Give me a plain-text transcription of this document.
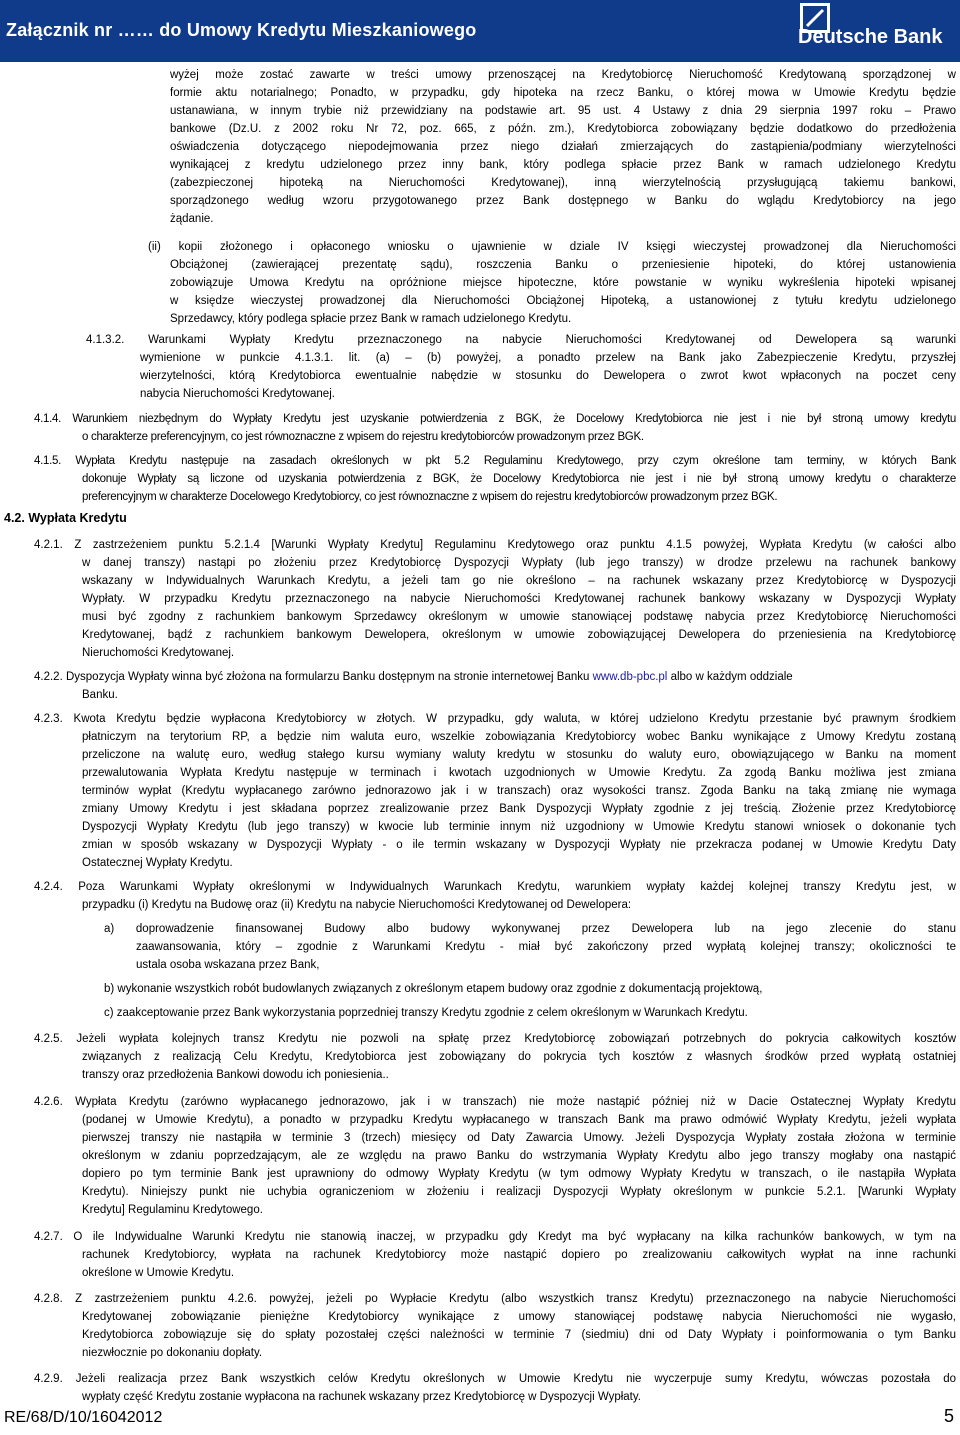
Załącznik nr …… do Umowy Kredytu Mieszkaniowego	Deutsche Bank
wyżej może zostać zawarte w treści umowy przenoszącej na Kredytobiorcę Nieruchomość Kredytowaną sporządzonej w
formie aktu notarialnego; Ponadto, w przypadku, gdy hipoteka na rzecz Banku, o której mowa w Umowie Kredytu będzie
ustanawiana, w innym trybie niż przewidziany na podstawie art. 95 ust. 4 Ustawy z dnia 29 sierpnia 1997 roku – Prawo
bankowe (Dz.U. z 2002 roku Nr 72, poz. 665, z późn. zm.), Kredytobiorca zobowiązany będzie dodatkowo do przedłożenia
oświadczenia dotyczącego niepodejmowania przez niego działań zmierzających do zastąpienia/podmiany wierzytelności
wynikającej z kredytu udzielonego przez inny bank, który podlega spłacie przez Bank w ramach udzielonego Kredytu
(zabezpieczonej hipoteką na Nieruchomości Kredytowanej), inną wierzytelnością przysługującą takiemu bankowi,
sporządzonego według wzoru przygotowanego przez Bank dostępnego w Banku do wglądu Kredytobiorcy na jego
żądanie.
(ii) kopii złożonego i opłaconego wniosku o ujawnienie w dziale IV księgi wieczystej prowadzonej dla Nieruchomości
Obciążonej (zawierającej prezentatę sądu), roszczenia Banku o przeniesienie hipoteki, do której ustanowienia
zobowiązuje Umowa Kredytu na opróżnione miejsce hipoteczne, które powstanie w wyniku wykreślenia hipoteki wpisanej
w księdze wieczystej prowadzonej dla Nieruchomości Obciążonej Hipoteką, a ustanowionej z tytułu kredytu udzielonego
Sprzedawcy, który podlega spłacie przez Bank w ramach udzielonego Kredytu.
4.1.3.2. Warunkami Wypłaty Kredytu przeznaczonego na nabycie Nieruchomości Kredytowanej od Dewelopera są warunki
wymienione w punkcie 4.1.3.1. lit. (a) – (b) powyżej, a ponadto przelew na Bank jako Zabezpieczenie Kredytu, przyszłej
wierzytelności, którą Kredytobiorca ewentualnie nabędzie w stosunku do Dewelopera o zwrot kwot wpłaconych na poczet ceny
nabycia Nieruchomości Kredytowanej.
4.1.4. Warunkiem niezbędnym do Wypłaty Kredytu jest uzyskanie potwierdzenia z BGK, że Docelowy Kredytobiorca nie jest i nie był stroną umowy kredytu
o charakterze preferencyjnym, co jest równoznaczne z wpisem do rejestru kredytobiorców prowadzonym przez BGK.
4.1.5. Wypłata Kredytu następuje na zasadach określonych w pkt 5.2 Regulaminu Kredytowego, przy czym określone tam terminy, w których Bank
dokonuje Wypłaty są liczone od uzyskania potwierdzenia z BGK, że Docelowy Kredytobiorca nie jest i nie był stroną umowy kredytu o charakterze
preferencyjnym w charakterze Docelowego Kredytobiorcy, co jest równoznaczne z wpisem do rejestru kredytobiorców prowadzonym przez BGK.
4.2. Wypłata Kredytu
4.2.1. Z zastrzeżeniem punktu 5.2.1.4 [Warunki Wypłaty Kredytu] Regulaminu Kredytowego oraz punktu 4.1.5 powyżej, Wypłata Kredytu (w całości albo
w danej transzy) nastąpi po złożeniu przez Kredytobiorcę Dyspozycji Wypłaty (lub jego transzy) w drodze przelewu na rachunek bankowy
wskazany w Indywidualnych Warunkach Kredytu, a jeżeli tam go nie określono – na rachunek wskazany przez Kredytobiorcę w Dyspozycji
Wypłaty. W przypadku Kredytu przeznaczonego na nabycie Nieruchomości Kredytowanej rachunek bankowy wskazany w Dyspozycji Wypłaty
musi być zgodny z rachunkiem bankowym Sprzedawcy określonym w umowie stanowiącej podstawę nabycia przez Kredytobiorcę Nieruchomości
Kredytowanej, bądź z rachunkiem bankowym Dewelopera, określonym w umowie zobowiązującej Dewelopera do przeniesienia na Kredytobiorcę
Nieruchomości Kredytowanej.
4.2.2. Dyspozycja Wypłaty winna być złożona na formularzu Banku dostępnym na stronie internetowej Banku www.db-pbc.pl albo w każdym oddziale
Banku.
4.2.3. Kwota Kredytu będzie wypłacona Kredytobiorcy w złotych. W przypadku, gdy waluta, w której udzielono Kredytu przestanie być prawnym środkiem
płatniczym na terytorium RP, a będzie nim waluta euro, wszelkie zobowiązania Kredytobiorcy wobec Banku wynikające z Umowy Kredytu zostaną
przeliczone na walutę euro, według stałego kursu wymiany waluty kredytu w stosunku do waluty euro, obowiązującego w Banku na moment
przewalutowania Wypłata Kredytu następuje w terminach i kwotach uzgodnionych w Umowie Kredytu. Za zgodą Banku możliwa jest zmiana
terminów wypłat (Kredytu wypłacanego zarówno jednorazowo jak i w transzach) oraz wysokości transz. Zgoda Banku na taką zmianę nie wymaga
zmiany Umowy Kredytu i jest składana poprzez zrealizowanie przez Bank Dyspozycji Wypłaty zgodnie z jej treścią. Złożenie przez Kredytobiorcę
Dyspozycji Wypłaty Kredytu (lub jego transzy) w kwocie lub terminie innym niż uzgodniony w Umowie Kredytu stanowi wniosek o dokonanie tych
zmian w sposób wskazany w Dyspozycji Wypłaty - o ile termin wskazany w Dyspozycji Wypłaty nie przekracza podanej w Umowie Kredytu Daty
Ostatecznej Wypłaty Kredytu.
4.2.4. Poza Warunkami Wypłaty określonymi w Indywidualnych Warunkach Kredytu, warunkiem wypłaty każdej kolejnej transzy Kredytu jest, w
przypadku (i) Kredytu na Budowę oraz (ii) Kredytu na nabycie Nieruchomości Kredytowanej od Dewelopera:
a) doprowadzenie finansowanej Budowy albo budowy wykonywanej przez Dewelopera lub na jego zlecenie do stanu
zaawansowania, który – zgodnie z Warunkami Kredytu - miał być zakończony przed wypłatą kolejnej transzy; okoliczności te
ustala osoba wskazana przez Bank,
b) wykonanie wszystkich robót budowlanych związanych z określonym etapem budowy oraz zgodnie z dokumentacją projektową,
c) zaakceptowanie przez Bank wykorzystania poprzedniej transzy Kredytu zgodnie z celem określonym w Warunkach Kredytu.
4.2.5. Jeżeli wypłata kolejnych transz Kredytu nie pozwoli na spłatę przez Kredytobiorcę zobowiązań potrzebnych do pokrycia całkowitych kosztów
związanych z realizacją Celu Kredytu, Kredytobiorca jest zobowiązany do pokrycia tych kosztów z własnych środków przed wypłatą ostatniej
transzy oraz przedłożenia Bankowi dowodu ich poniesienia..
4.2.6. Wypłata Kredytu (zarówno wypłacanego jednorazowo, jak i w transzach) nie może nastąpić później niż w Dacie Ostatecznej Wypłaty Kredytu
(podanej w Umowie Kredytu), a ponadto w przypadku Kredytu wypłacanego w transzach Bank ma prawo odmówić Wypłaty Kredytu, jeżeli wypłata
pierwszej transzy nie nastąpiła w terminie 3 (trzech) miesięcy od Daty Zawarcia Umowy. Jeżeli Dyspozycja Wypłaty została złożona w terminie
określonym w zdaniu poprzedzającym, ale ze względu na prawo Banku do wstrzymania Wypłaty Kredytu albo jego transzy mogłaby ona nastąpić
dopiero po tym terminie Bank jest uprawniony do odmowy Wypłaty Kredytu (w tym odmowy Wypłaty Kredytu w transzach, o ile nastąpiła Wypłata
Kredytu). Niniejszy punkt nie uchybia ograniczeniom w złożeniu i realizacji Dyspozycji Wypłaty określonym w punkcie 5.2.1. [Warunki Wypłaty
Kredytu] Regulaminu Kredytowego.
4.2.7. O ile Indywidualne Warunki Kredytu nie stanowią inaczej, w przypadku gdy Kredyt ma być wypłacany na kilka rachunków bankowych, w tym na
rachunek Kredytobiorcy, wypłata na rachunek Kredytobiorcy może nastąpić dopiero po zrealizowaniu całkowitych wypłat na inne rachunki
określone w Umowie Kredytu.
4.2.8. Z zastrzeżeniem punktu 4.2.6. powyżej, jeżeli po Wypłacie Kredytu (albo wszystkich transz Kredytu) przeznaczonego na nabycie Nieruchomości
Kredytowanej zobowiązanie pieniężne Kredytobiorcy wynikające z umowy stanowiącej podstawę nabycia Nieruchomości nie wygasło,
Kredytobiorca zobowiązuje się do spłaty pozostałej części należności w terminie 7 (siedmiu) dni od Daty Wypłaty i poinformowania o tym Banku
niezwłocznie po dokonaniu dopłaty.
4.2.9. Jeżeli realizacja przez Bank wszystkich celów Kredytu określonych w Umowie Kredytu nie wyczerpuje sumy Kredytu, wówczas pozostała do
wypłaty część Kredytu zostanie wypłacona na rachunek wskazany przez Kredytobiorcę w Dyspozycji Wypłaty.
RE/68/D/10/16042012	5
